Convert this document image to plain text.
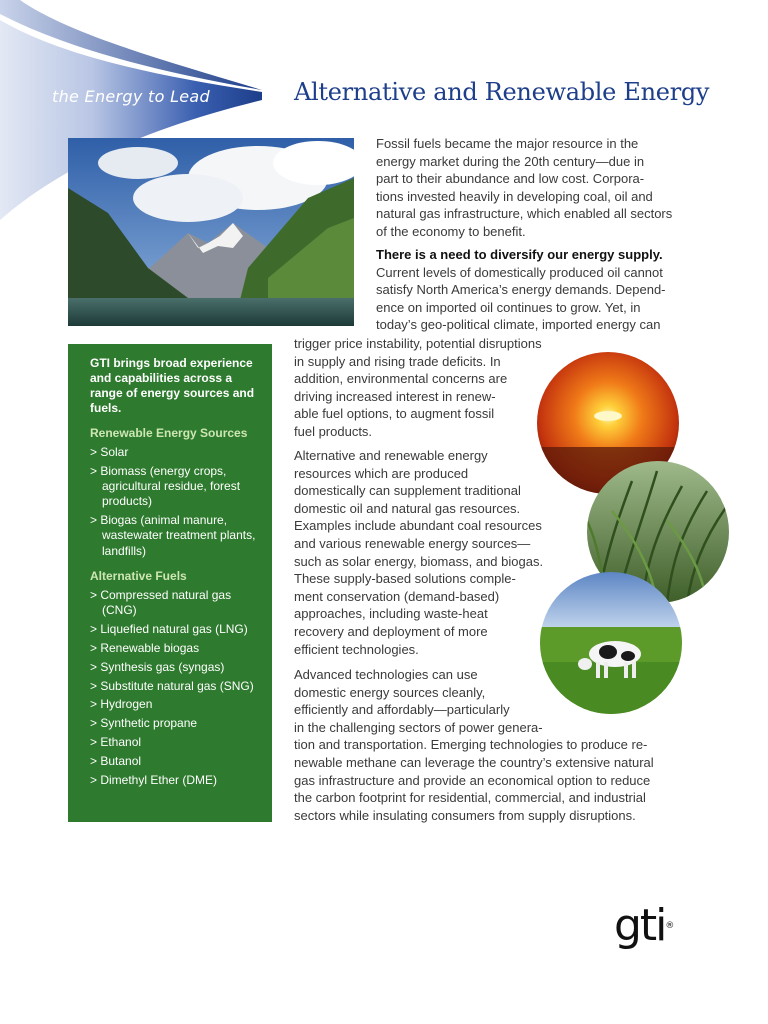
the Energy to Lead	Alternative and Renewable Energy
Fossil fuels became the major resource in the
energy market during the 20th century—due in
part to their abundance and low cost. Corpora-
tions invested heavily in developing coal, oil and
natural gas infrastructure, which enabled all sectors
of the economy to benefit.
There is a need to diversify our energy supply.
Current levels of domestically produced oil cannot
satisfy North America’s energy demands. Depend-
ence on imported oil continues to grow. Yet, in
today’s geo-political climate, imported energy can
trigger price instability, potential disruptions
in supply and rising trade deficits. In
addition, environmental concerns are
driving increased interest in renew-
able fuel options, to augment fossil
fuel products.
Alternative and renewable energy
resources which are produced
domestically can supplement traditional
domestic oil and natural gas resources.
Examples include abundant coal resources
and various renewable energy sources—
such as solar energy, biomass, and biogas.
These supply-based solutions comple-
ment conservation (demand-based)
approaches, including waste-heat
recovery and deployment of more
efficient technologies.
Advanced technologies can use
domestic energy sources cleanly,
efficiently and affordably—particularly
in the challenging sectors of power genera-
tion and transportation. Emerging technologies to produce re-
newable methane can leverage the country’s extensive natural
gas infrastructure and provide an economical option to reduce
the carbon footprint for residential, commercial, and industrial
sectors while insulating consumers from supply disruptions.

GTI brings broad experience and capabilities across a range of energy sources and fuels.

Renewable Energy Sources

> Solar
> Biomass (energy crops, agricultural residue, forest products)
> Biogas (animal manure, wastewater treatment plants, landfills)

Alternative Fuels

> Compressed natural gas (CNG)
> Liquefied natural gas (LNG)
> Renewable biogas
> Synthesis gas (syngas)
> Substitute natural gas (SNG)
> Hydrogen
> Synthetic propane
> Ethanol
> Butanol
> Dimethyl Ether (DME)
gti®
